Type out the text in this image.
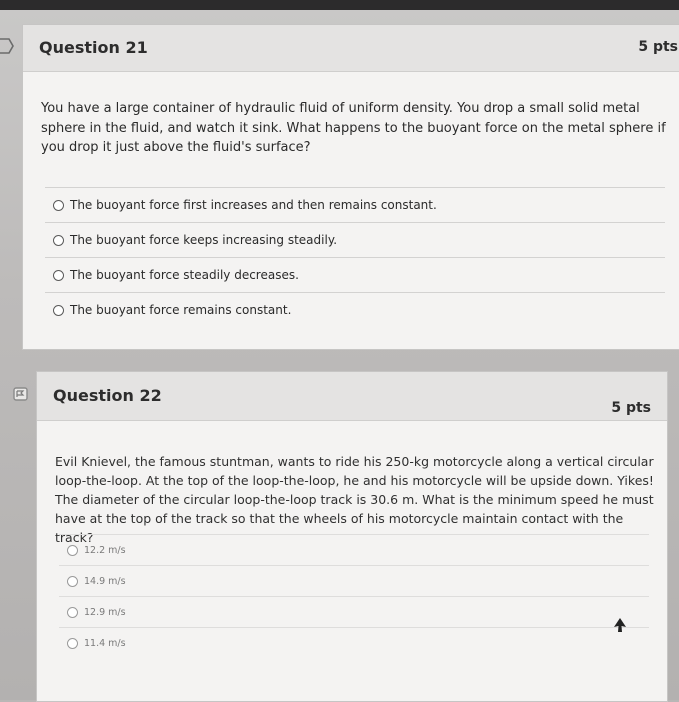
Question 21	5 pts
You have a large container of hydraulic fluid of uniform density. You drop a small solid metal sphere in the fluid, and watch it sink. What happens to the buoyant force on the metal sphere if you drop it just above the fluid's surface?
The buoyant force first increases and then remains constant.
The buoyant force keeps increasing steadily.
The buoyant force steadily decreases.
The buoyant force remains constant.
Question 22
5 pts
Evil Knievel, the famous stuntman, wants to ride his 250-kg motorcycle along a vertical circular loop-the-loop. At the top of the loop-the-loop, he and his motorcycle will be upside down. Yikes! The diameter of the circular loop-the-loop track is 30.6 m. What is the minimum speed he must have at the top of the track so that the wheels of his motorcycle maintain contact with the track?
12.2 m/s
14.9 m/s
12.9 m/s
11.4 m/s
